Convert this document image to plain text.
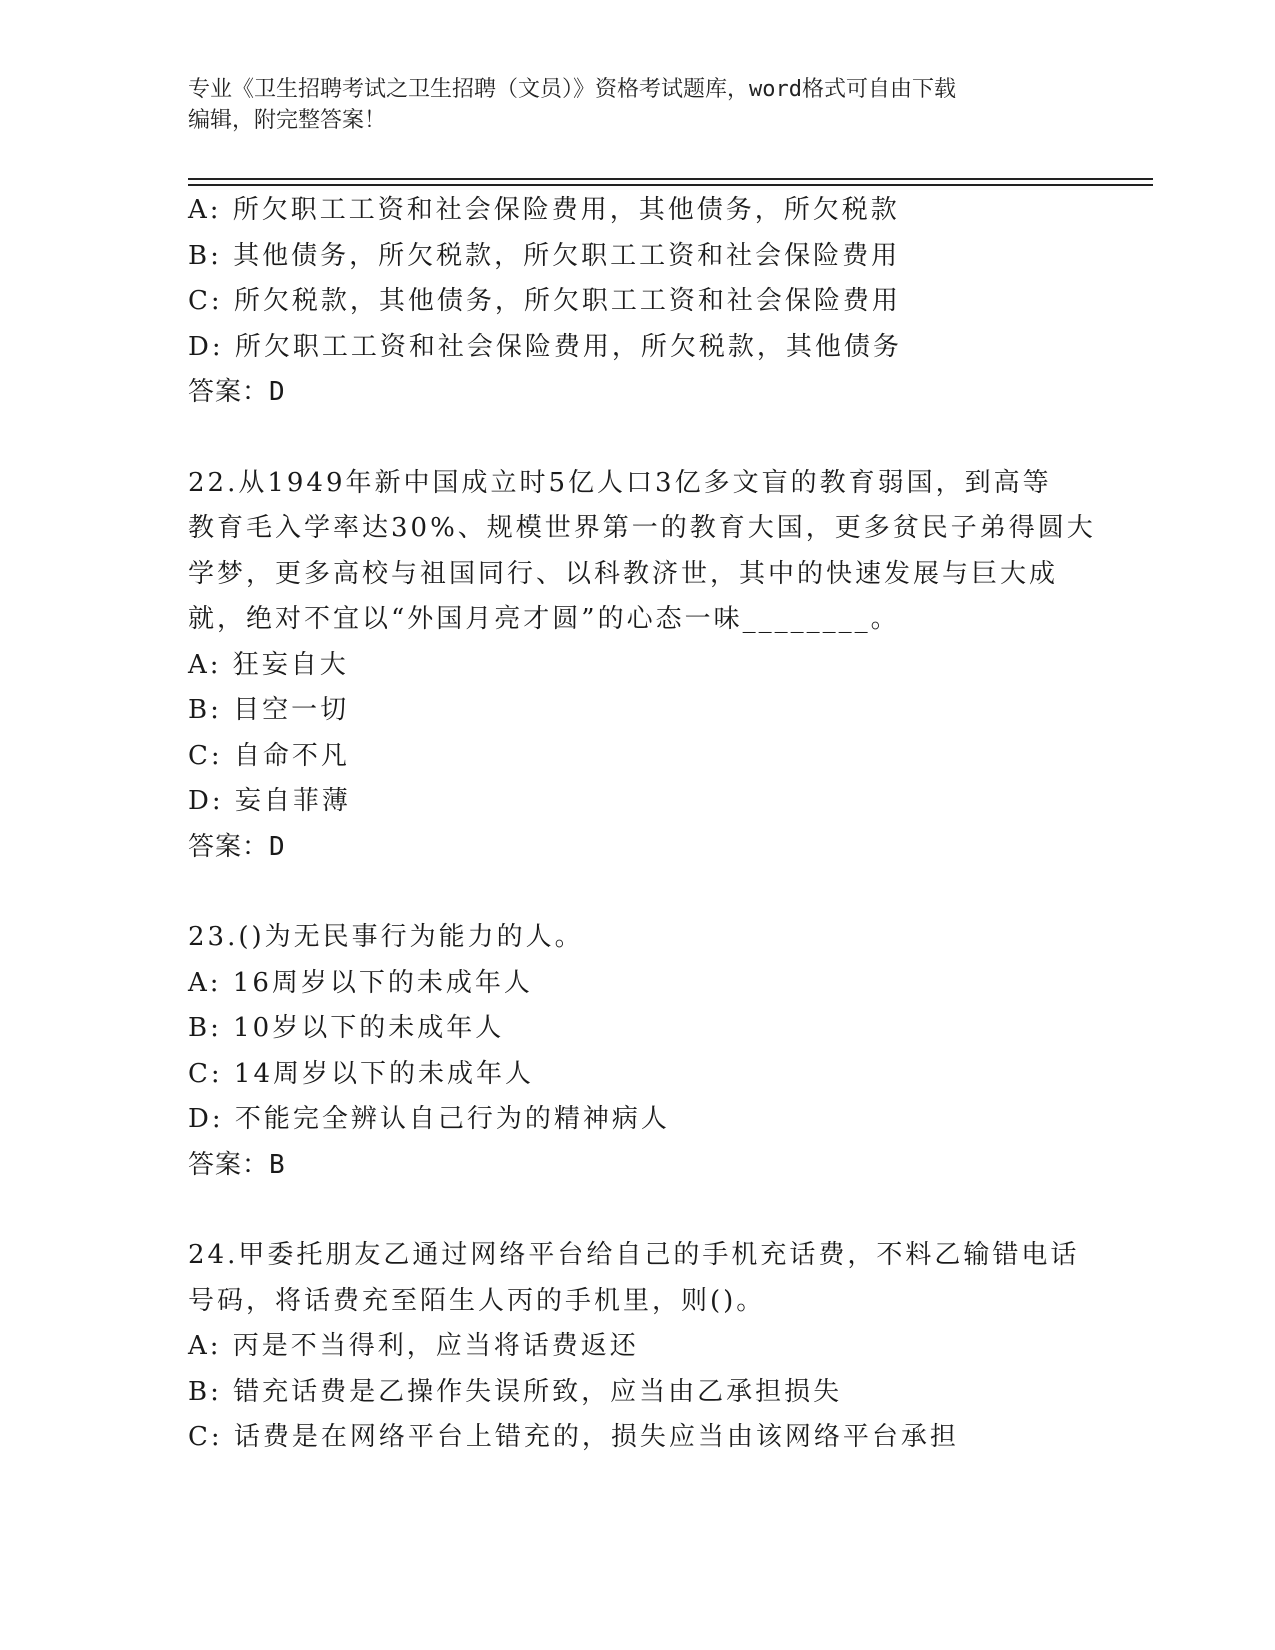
专业《卫生招聘考试之卫生招聘（文员）》资格考试题库，word格式可自由下载
编辑，附完整答案！
A: 所欠职工工资和社会保险费用，其他债务，所欠税款
B: 其他债务，所欠税款，所欠职工工资和社会保险费用
C: 所欠税款，其他债务，所欠职工工资和社会保险费用
D: 所欠职工工资和社会保险费用，所欠税款，其他债务
答案：D
22.从1949年新中国成立时5亿人口3亿多文盲的教育弱国，到高等
教育毛入学率达30%、规模世界第一的教育大国，更多贫民子弟得圆大
学梦，更多高校与祖国同行、以科教济世，其中的快速发展与巨大成
就，绝对不宜以“外国月亮才圆”的心态一味________。
A: 狂妄自大
B: 目空一切
C: 自命不凡
D: 妄自菲薄
答案：D
23.()为无民事行为能力的人。
A: 16周岁以下的未成年人
B: 10岁以下的未成年人
C: 14周岁以下的未成年人
D: 不能完全辨认自己行为的精神病人
答案：B
24.甲委托朋友乙通过网络平台给自己的手机充话费，不料乙输错电话
号码，将话费充至陌生人丙的手机里，则()。
A: 丙是不当得利，应当将话费返还
B: 错充话费是乙操作失误所致，应当由乙承担损失
C: 话费是在网络平台上错充的，损失应当由该网络平台承担
